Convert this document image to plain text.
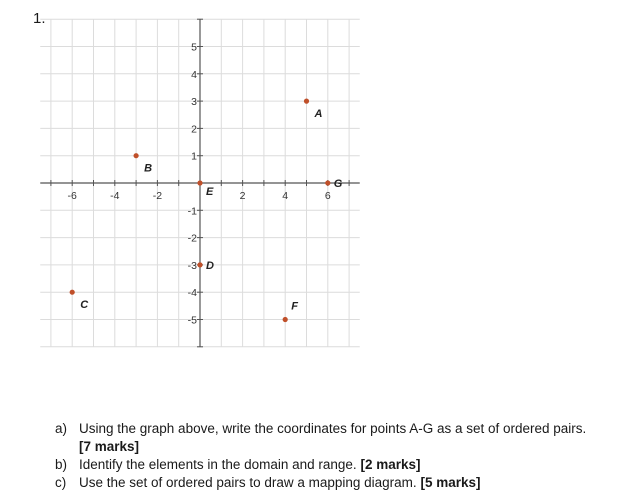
1.
-6	-4	-2	2	4	6
5
4
3
2
1
-1
-2
-3
-4
-5
A
B
C
D
E
F
G
a) Using the graph above, write the coordinates for points A-G as a set of ordered pairs.
[7 marks]
b) Identify the elements in the domain and range. [2 marks]
c) Use the set of ordered pairs to draw a mapping diagram. [5 marks]
